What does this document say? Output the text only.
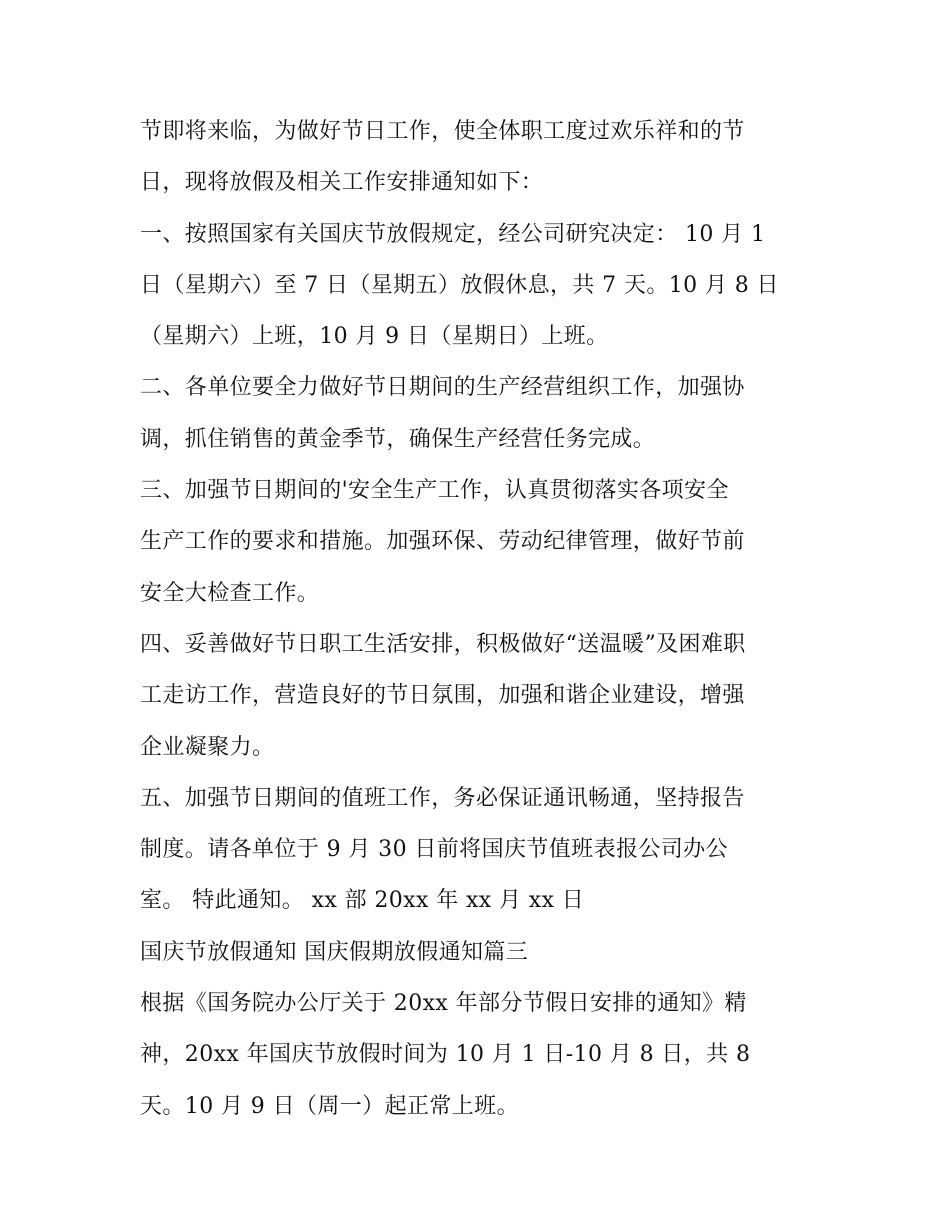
节即将来临，为做好节日工作，使全体职工度过欢乐祥和的节
日，现将放假及相关工作安排通知如下：
一、按照国家有关国庆节放假规定，经公司研究决定： 10 月 1
日（星期六）至 7 日（星期五）放假休息，共 7 天。10 月 8 日
（星期六）上班，10 月 9 日（星期日）上班。
二、各单位要全力做好节日期间的生产经营组织工作，加强协
调，抓住销售的黄金季节，确保生产经营任务完成。
三、加强节日期间的'安全生产工作，认真贯彻落实各项安全
生产工作的要求和措施。加强环保、劳动纪律管理，做好节前
安全大检查工作。
四、妥善做好节日职工生活安排，积极做好“送温暖”及困难职
工走访工作，营造良好的节日氛围，加强和谐企业建设，增强
企业凝聚力。
五、加强节日期间的值班工作，务必保证通讯畅通，坚持报告
制度。请各单位于 9 月 30 日前将国庆节值班表报公司办公
室。 特此通知。 xx 部 20xx 年 xx 月 xx 日
国庆节放假通知 国庆假期放假通知篇三
根据《国务院办公厅关于 20xx 年部分节假日安排的通知》精
神，20xx 年国庆节放假时间为 10 月 1 日-10 月 8 日，共 8
天。10 月 9 日（周一）起正常上班。
